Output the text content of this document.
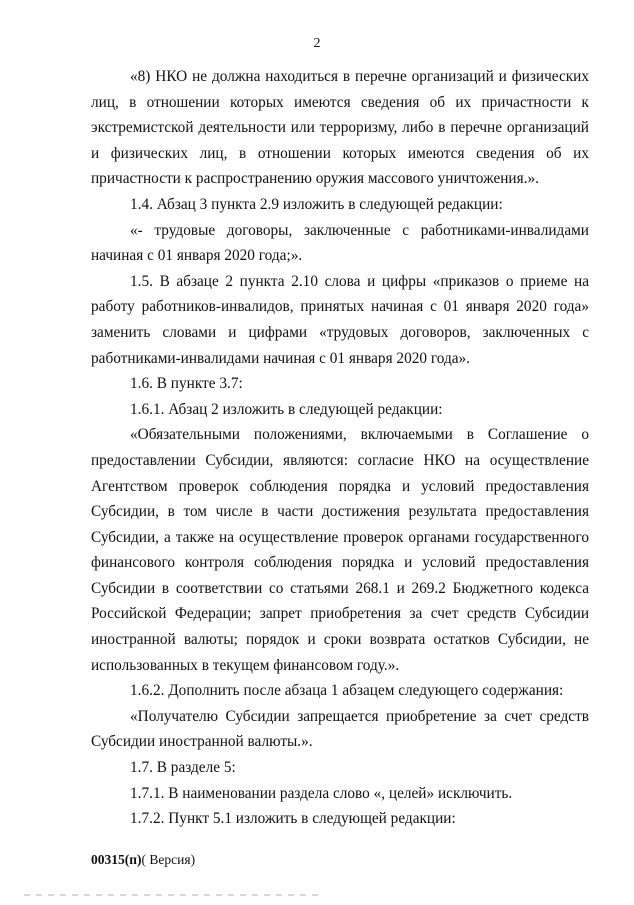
2

«8) НКО не должна находиться в перечне организаций и физических лиц, в отношении которых имеются сведения об их причастности к экстремистской деятельности или терроризму, либо в перечне организаций и физических лиц, в отношении которых имеются сведения об их причастности к распространению оружия массового уничтожения.».

1.4. Абзац 3 пункта 2.9 изложить в следующей редакции:

«- трудовые договоры, заключенные с работниками-инвалидами начиная с 01 января 2020 года;».

1.5. В абзаце 2 пункта 2.10 слова и цифры «приказов о приеме на работу работников-инвалидов, принятых начиная с 01 января 2020 года» заменить словами и цифрами «трудовых договоров, заключенных с работниками-инвалидами начиная с 01 января 2020 года».

1.6. В пункте 3.7:

1.6.1. Абзац 2 изложить в следующей редакции:

«Обязательными положениями, включаемыми в Соглашение о предоставлении Субсидии, являются: согласие НКО на осуществление Агентством проверок соблюдения порядка и условий предоставления Субсидии, в том числе в части достижения результата предоставления Субсидии, а также на осуществление проверок органами государственного финансового контроля соблюдения порядка и условий предоставления Субсидии в соответствии со статьями 268.1 и 269.2 Бюджетного кодекса Российской Федерации; запрет приобретения за счет средств Субсидии иностранной валюты; порядок и сроки возврата остатков Субсидии, не использованных в текущем финансовом году.».

1.6.2. Дополнить после абзаца 1 абзацем следующего содержания:

«Получателю Субсидии запрещается приобретение за счет средств Субсидии иностранной валюты.».

1.7. В разделе 5:

1.7.1. В наименовании раздела слово «, целей» исключить.

1.7.2. Пункт 5.1 изложить в следующей редакции:

00315(п)( Версия)
